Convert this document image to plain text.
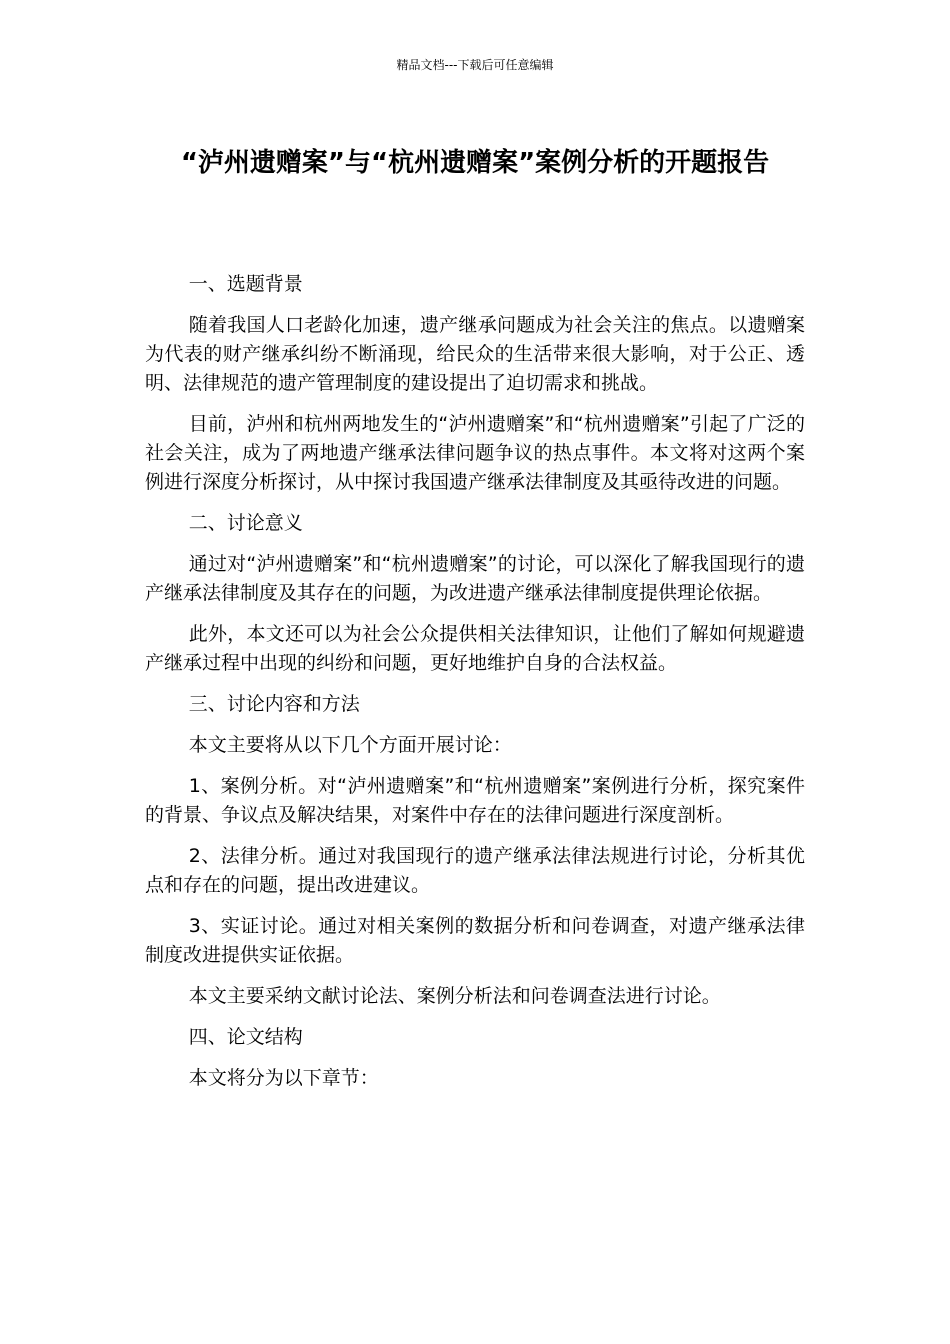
精品文档---下载后可任意编辑
“泸州遗赠案”与“杭州遗赠案”案例分析的开题报告

一、选题背景

随着我国人口老龄化加速，遗产继承问题成为社会关注的焦点。以遗赠案为代表的财产继承纠纷不断涌现，给民众的生活带来很大影响，对于公正、透明、法律规范的遗产管理制度的建设提出了迫切需求和挑战。

目前，泸州和杭州两地发生的“泸州遗赠案”和“杭州遗赠案”引起了广泛的社会关注，成为了两地遗产继承法律问题争议的热点事件。本文将对这两个案例进行深度分析探讨，从中探讨我国遗产继承法律制度及其亟待改进的问题。

二、讨论意义

通过对“泸州遗赠案”和“杭州遗赠案”的讨论，可以深化了解我国现行的遗产继承法律制度及其存在的问题，为改进遗产继承法律制度提供理论依据。

此外，本文还可以为社会公众提供相关法律知识，让他们了解如何规避遗产继承过程中出现的纠纷和问题，更好地维护自身的合法权益。

三、讨论内容和方法

本文主要将从以下几个方面开展讨论：

1、案例分析。对“泸州遗赠案”和“杭州遗赠案”案例进行分析，探究案件的背景、争议点及解决结果，对案件中存在的法律问题进行深度剖析。

2、法律分析。通过对我国现行的遗产继承法律法规进行讨论，分析其优点和存在的问题，提出改进建议。

3、实证讨论。通过对相关案例的数据分析和问卷调查，对遗产继承法律制度改进提供实证依据。

本文主要采纳文献讨论法、案例分析法和问卷调查法进行讨论。

四、论文结构

本文将分为以下章节：
